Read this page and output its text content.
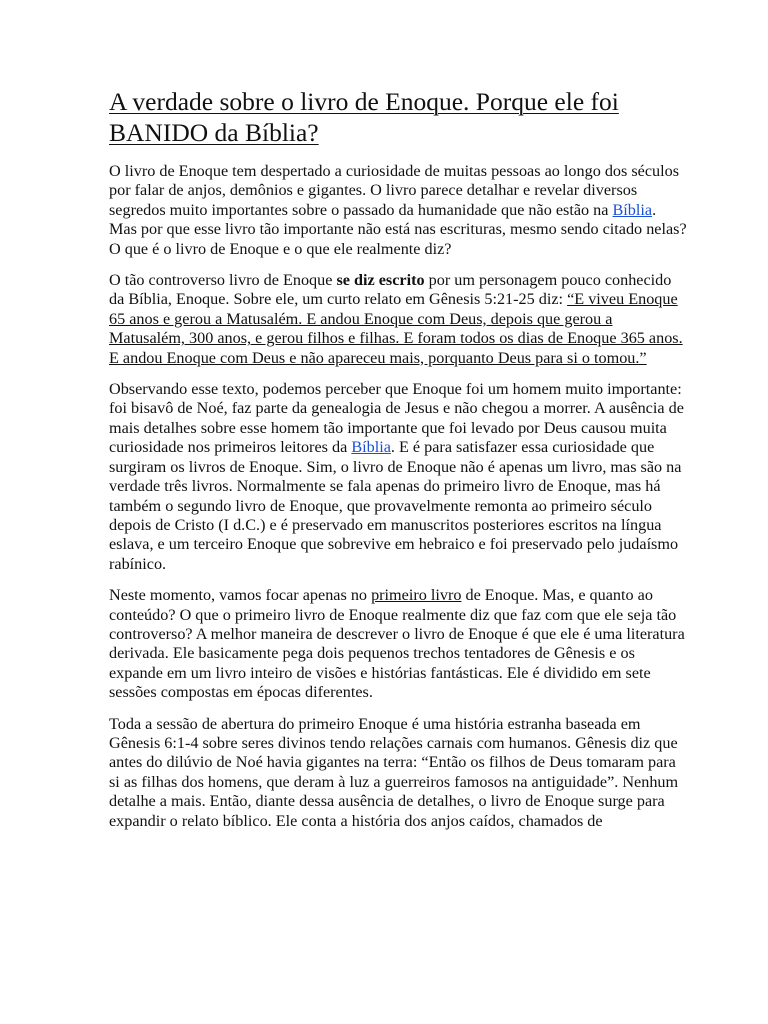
A verdade sobre o livro de Enoque. Porque ele foi BANIDO da Bíblia?

O livro de Enoque tem despertado a curiosidade de muitas pessoas ao longo dos séculos por falar de anjos, demônios e gigantes. O livro parece detalhar e revelar diversos segredos muito importantes sobre o passado da humanidade que não estão na Bíblia. Mas por que esse livro tão importante não está nas escrituras, mesmo sendo citado nelas? O que é o livro de Enoque e o que ele realmente diz?

O tão controverso livro de Enoque se diz escrito por um personagem pouco conhecido da Bíblia, Enoque. Sobre ele, um curto relato em Gênesis 5:21-25 diz: “E viveu Enoque 65 anos e gerou a Matusalém. E andou Enoque com Deus, depois que gerou a Matusalém, 300 anos, e gerou filhos e filhas. E foram todos os dias de Enoque 365 anos. E andou Enoque com Deus e não apareceu mais, porquanto Deus para si o tomou.”

Observando esse texto, podemos perceber que Enoque foi um homem muito importante: foi bisavô de Noé, faz parte da genealogia de Jesus e não chegou a morrer. A ausência de mais detalhes sobre esse homem tão importante que foi levado por Deus causou muita curiosidade nos primeiros leitores da Bíblia. E é para satisfazer essa curiosidade que surgiram os livros de Enoque. Sim, o livro de Enoque não é apenas um livro, mas são na verdade três livros. Normalmente se fala apenas do primeiro livro de Enoque, mas há também o segundo livro de Enoque, que provavelmente remonta ao primeiro século depois de Cristo (I d.C.) e é preservado em manuscritos posteriores escritos na língua eslava, e um terceiro Enoque que sobrevive em hebraico e foi preservado pelo judaísmo rabínico.

Neste momento, vamos focar apenas no primeiro livro de Enoque. Mas, e quanto ao conteúdo? O que o primeiro livro de Enoque realmente diz que faz com que ele seja tão controverso? A melhor maneira de descrever o livro de Enoque é que ele é uma literatura derivada. Ele basicamente pega dois pequenos trechos tentadores de Gênesis e os expande em um livro inteiro de visões e histórias fantásticas. Ele é dividido em sete sessões compostas em épocas diferentes.

Toda a sessão de abertura do primeiro Enoque é uma história estranha baseada em Gênesis 6:1-4 sobre seres divinos tendo relações carnais com humanos. Gênesis diz que antes do dilúvio de Noé havia gigantes na terra: “Então os filhos de Deus tomaram para si as filhas dos homens, que deram à luz a guerreiros famosos na antiguidade”. Nenhum detalhe a mais. Então, diante dessa ausência de detalhes, o livro de Enoque surge para expandir o relato bíblico. Ele conta a história dos anjos caídos, chamados de
